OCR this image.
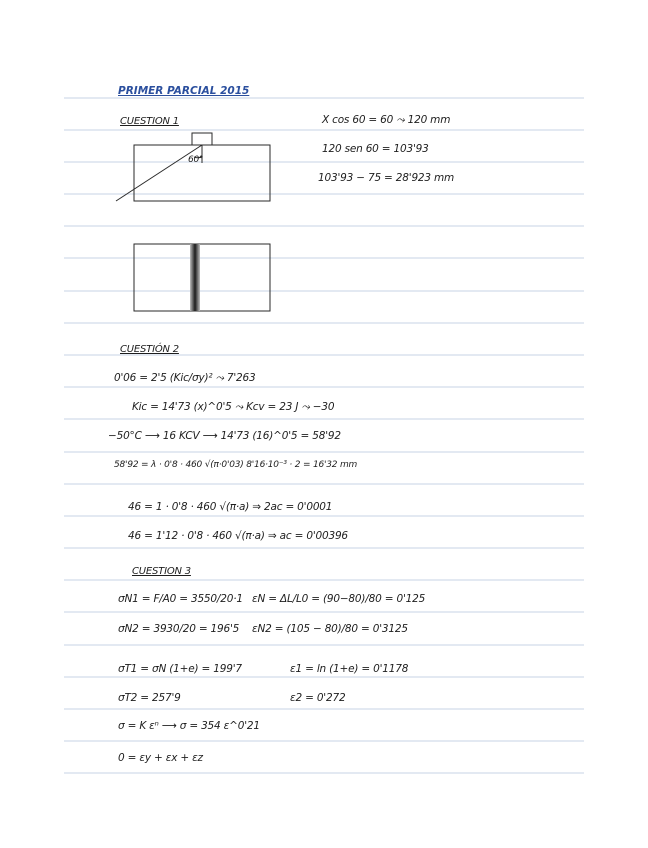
60°
PRIMER PARCIAL 2015
CUESTION 1	X cos 60 = 60 ⤳ 120 mm
120 sen 60 = 103'93
103'93 − 75 = 28'923 mm
CUESTIÓN 2
0'06 = 2'5 (Kic/σy)² ⤳ 7'263
Kic = 14'73 (x)^0'5 ⤳ Kcv = 23 J ⤳ −30
−50°C ⟶ 16 KCV ⟶ 14'73 (16)^0'5 = 58'92
58'92 = λ · 0'8 · 460 √(π·0'03) 8'16·10⁻³ · 2 = 16'32 mm
46 = 1 · 0'8 · 460 √(π·a) ⇒ 2ac = 0'0001
46 = 1'12 · 0'8 · 460 √(π·a) ⇒ ac = 0'00396
CUESTION 3
σN1 = F/A0 = 3550/20·1 εN = ΔL/L0 = (90−80)/80 = 0'125
σN2 = 3930/20 = 196'5 εN2 = (105 − 80)/80 = 0'3125
σT1 = σN (1+e) = 199'7	ε1 = ln (1+e) = 0'1178
σT2 = 257'9	ε2 = 0'272
σ = K εⁿ ⟶ σ = 354 ε^0'21
0 = εy + εx + εz
